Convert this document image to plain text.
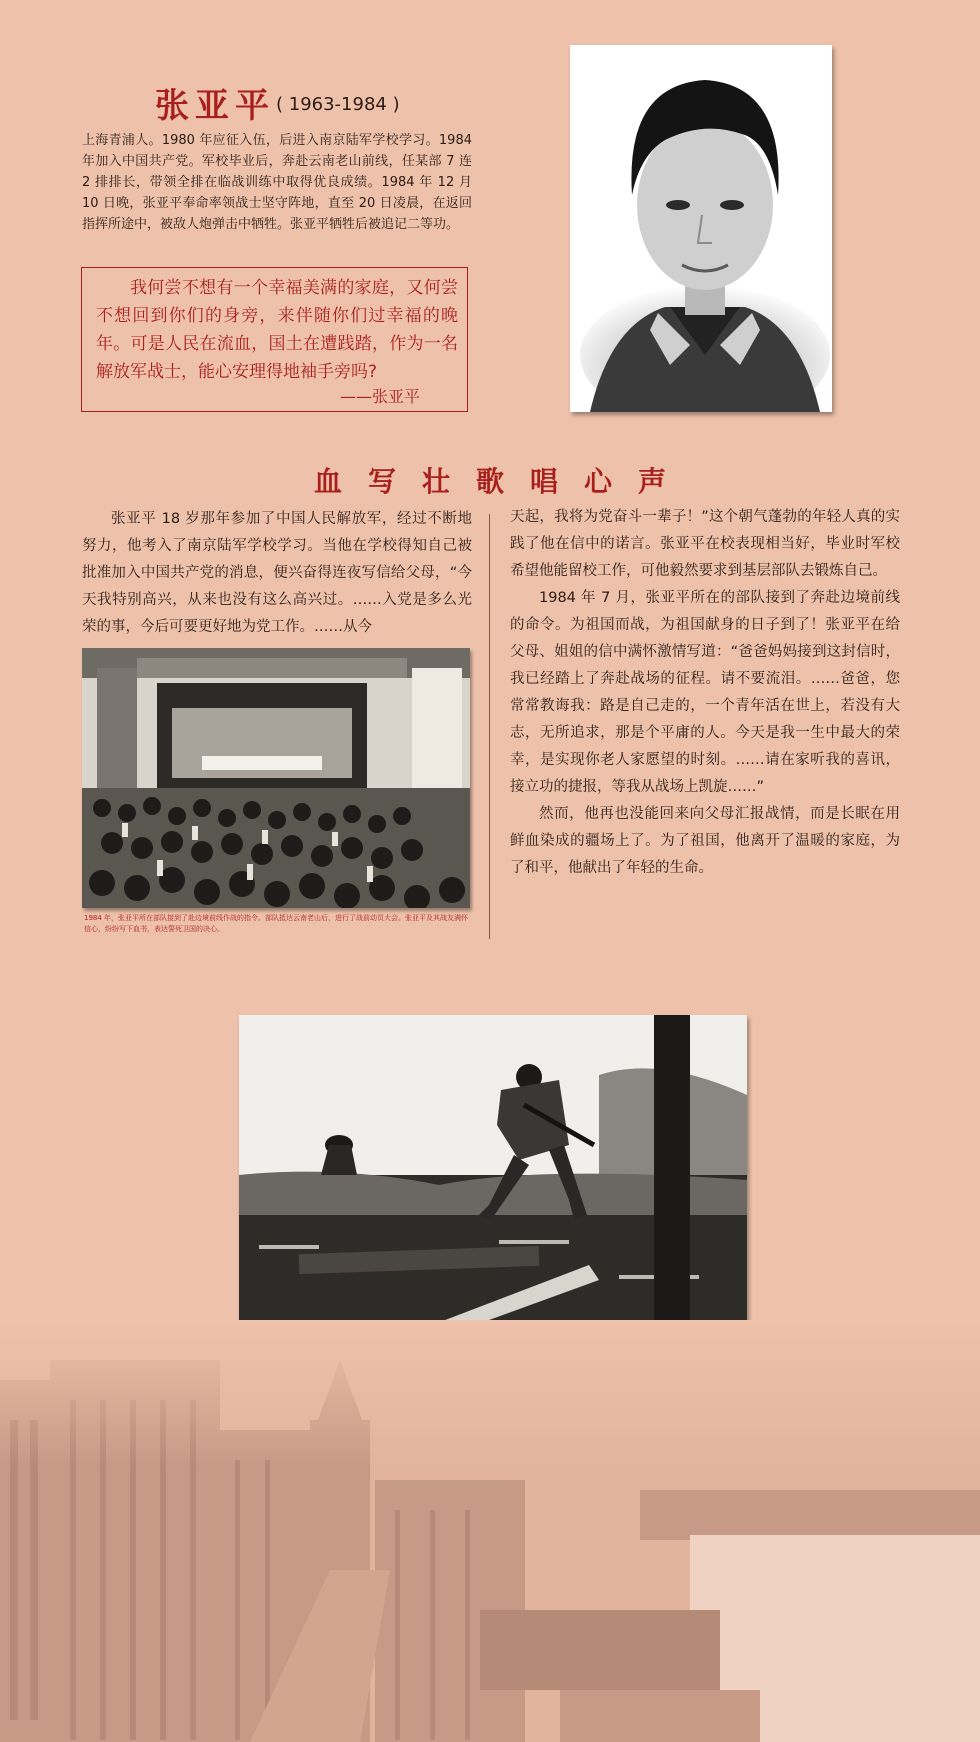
张亚平 ( 1963-1984 )
上海青浦人。1980 年应征入伍，后进入南京陆军学校学习。1984 年加入中国共产党。军校毕业后，奔赴云南老山前线，任某部 7 连 2 排排长，带领全排在临战训练中取得优良成绩。1984 年 12 月 10 日晚，张亚平奉命率领战士坚守阵地，直至 20 日凌晨，在返回指挥所途中，被敌人炮弹击中牺牲。张亚平牺牲后被追记二等功。
我何尝不想有一个幸福美满的家庭，又何尝不想回到你们的身旁，来伴随你们过幸福的晚年。可是人民在流血，国土在遭践踏，作为一名解放军战士，能心安理得地袖手旁吗?
——张亚平
血写壮歌唱心声

张亚平 18 岁那年参加了中国人民解放军，经过不断地努力，他考入了南京陆军学校学习。当他在学校得知自己被批准加入中国共产党的消息，便兴奋得连夜写信给父母，“今天我特别高兴，从来也没有这么高兴过。……入党是多么光荣的事，今后可要更好地为党工作。……从今

1984 年，张亚平所在部队接到了赴边境前线作战的指令。部队抵达云南老山后，进行了战前动员大会。张亚平及其战友满怀信心，纷纷写下血书，表达誓死卫国的决心。

天起，我将为党奋斗一辈子！”这个朝气蓬勃的年轻人真的实践了他在信中的诺言。张亚平在校表现相当好，毕业时军校希望他能留校工作，可他毅然要求到基层部队去锻炼自己。

1984 年 7 月，张亚平所在的部队接到了奔赴边境前线的命令。为祖国而战，为祖国献身的日子到了！张亚平在给父母、姐姐的信中满怀激情写道：“爸爸妈妈接到这封信时，我已经踏上了奔赴战场的征程。请不要流泪。……爸爸，您常常教诲我：路是自己走的，一个青年活在世上，若没有大志，无所追求，那是个平庸的人。今天是我一生中最大的荣幸，是实现你老人家愿望的时刻。……请在家听我的喜讯，接立功的捷报，等我从战场上凯旋……”

然而，他再也没能回来向父母汇报战情，而是长眠在用鲜血染成的疆场上了。为了祖国，他离开了温暖的家庭，为了和平，他献出了年轻的生命。
